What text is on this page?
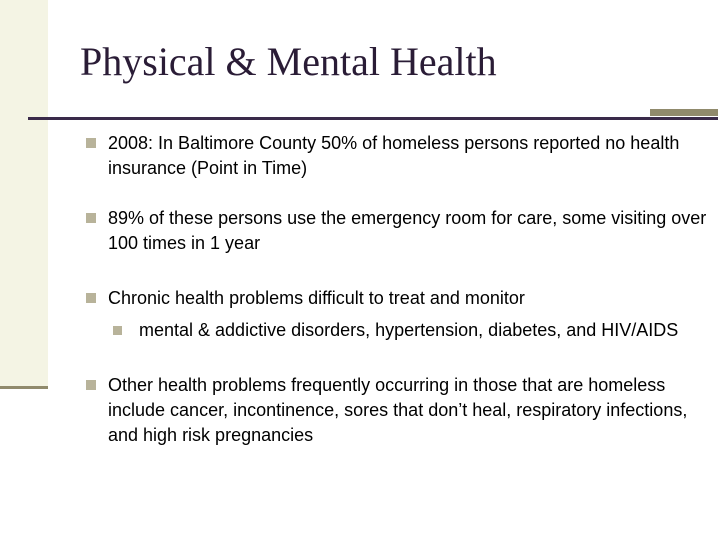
Physical & Mental Health
2008: In Baltimore County 50% of homeless persons reported no health insurance (Point in Time)
89% of these persons use the emergency room for care, some visiting over 100 times in 1 year
Chronic health problems difficult to treat and monitor
mental & addictive disorders, hypertension, diabetes, and HIV/AIDS
Other health problems frequently occurring in those that are homeless include cancer, incontinence, sores that don’t heal, respiratory infections, and high risk pregnancies
